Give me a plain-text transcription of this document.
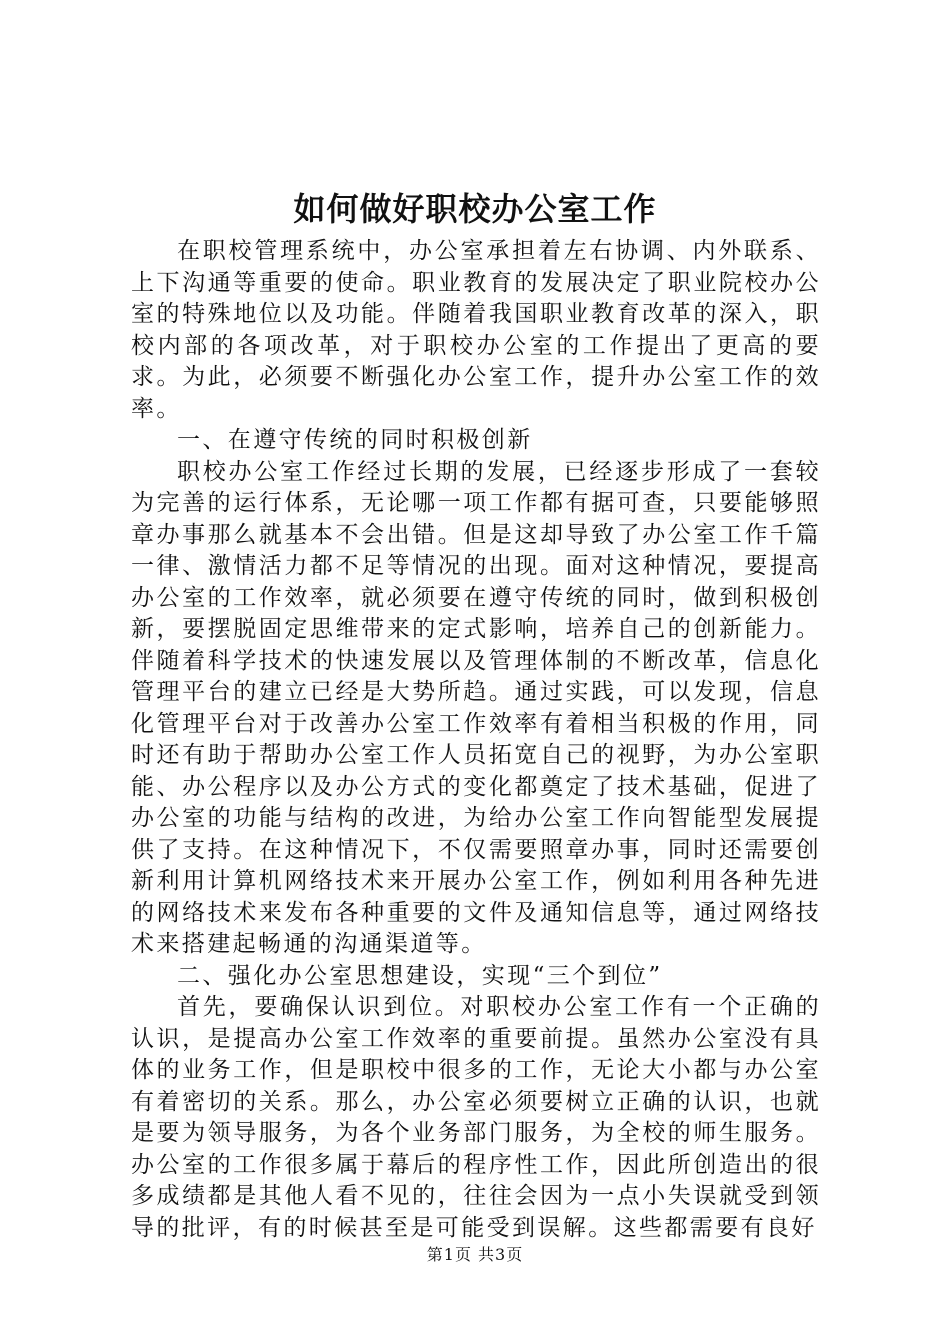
如何做好职校办公室工作

在职校管理系统中，办公室承担着左右协调、内外联系、上下沟通等重要的使命。职业教育的发展决定了职业院校办公室的特殊地位以及功能。伴随着我国职业教育改革的深入，职校内部的各项改革，对于职校办公室的工作提出了更高的要求。为此，必须要不断强化办公室工作，提升办公室工作的效率。

一、在遵守传统的同时积极创新

职校办公室工作经过长期的发展，已经逐步形成了一套较为完善的运行体系，无论哪一项工作都有据可查，只要能够照章办事那么就基本不会出错。但是这却导致了办公室工作千篇一律、激情活力都不足等情况的出现。面对这种情况，要提高办公室的工作效率，就必须要在遵守传统的同时，做到积极创新，要摆脱固定思维带来的定式影响，培养自己的创新能力。伴随着科学技术的快速发展以及管理体制的不断改革，信息化管理平台的建立已经是大势所趋。通过实践，可以发现，信息化管理平台对于改善办公室工作效率有着相当积极的作用，同时还有助于帮助办公室工作人员拓宽自己的视野，为办公室职能、办公程序以及办公方式的变化都奠定了技术基础，促进了办公室的功能与结构的改进，为给办公室工作向智能型发展提供了支持。在这种情况下，不仅需要照章办事，同时还需要创新利用计算机网络技术来开展办公室工作，例如利用各种先进的网络技术来发布各种重要的文件及通知信息等，通过网络技术来搭建起畅通的沟通渠道等。

二、强化办公室思想建设，实现“三个到位”

首先，要确保认识到位。对职校办公室工作有一个正确的认识，是提高办公室工作效率的重要前提。虽然办公室没有具体的业务工作，但是职校中很多的工作，无论大小都与办公室有着密切的关系。那么，办公室必须要树立正确的认识，也就是要为领导服务，为各个业务部门服务，为全校的师生服务。办公室的工作很多属于幕后的程序性工作，因此所创造出的很多成绩都是其他人看不见的，往往会因为一点小失误就受到领导的批评，有的时候甚至是可能受到误解。这些都需要有良好

第1页 共3页
